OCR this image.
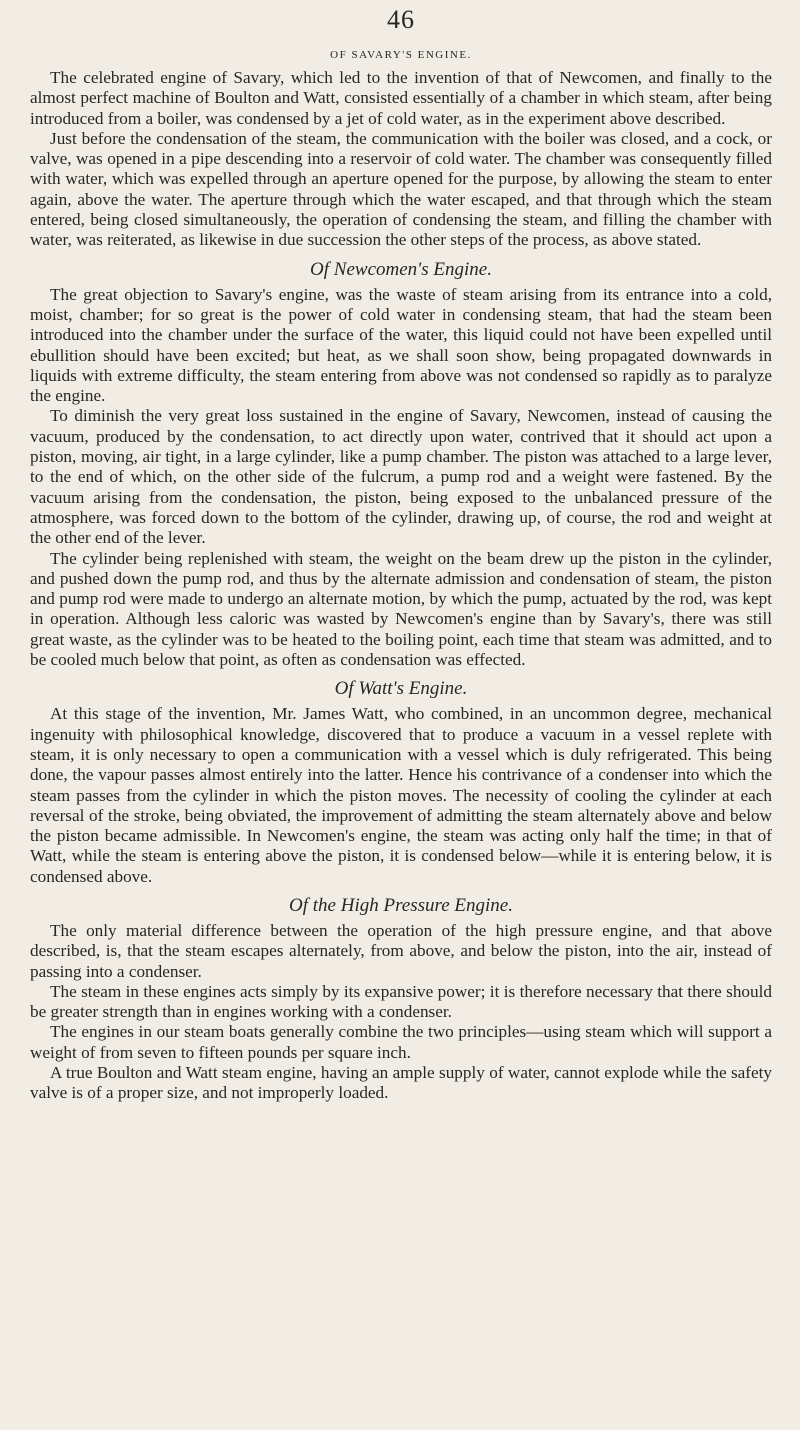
46
OF SAVARY'S ENGINE.

The celebrated engine of Savary, which led to the invention of that of Newcomen, and finally to the almost perfect machine of Boulton and Watt, consisted essentially of a chamber in which steam, after being introduced from a boiler, was condensed by a jet of cold water, as in the experiment above described.

Just before the condensation of the steam, the communication with the boiler was closed, and a cock, or valve, was opened in a pipe descending into a reservoir of cold water. The chamber was consequently filled with water, which was expelled through an aperture opened for the purpose, by allowing the steam to enter again, above the water. The aperture through which the water escaped, and that through which the steam entered, being closed simultaneously, the operation of condensing the steam, and filling the chamber with water, was reiterated, as likewise in due succession the other steps of the process, as above stated.

Of Newcomen's Engine.

The great objection to Savary's engine, was the waste of steam arising from its entrance into a cold, moist, chamber; for so great is the power of cold water in condensing steam, that had the steam been introduced into the chamber under the surface of the water, this liquid could not have been expelled until ebullition should have been excited; but heat, as we shall soon show, being propagated downwards in liquids with extreme difficulty, the steam entering from above was not condensed so rapidly as to paralyze the engine.

To diminish the very great loss sustained in the engine of Savary, Newcomen, instead of causing the vacuum, produced by the condensation, to act directly upon water, contrived that it should act upon a piston, moving, air tight, in a large cylinder, like a pump chamber. The piston was attached to a large lever, to the end of which, on the other side of the fulcrum, a pump rod and a weight were fastened. By the vacuum arising from the condensation, the piston, being exposed to the unbalanced pressure of the atmosphere, was forced down to the bottom of the cylinder, drawing up, of course, the rod and weight at the other end of the lever.

The cylinder being replenished with steam, the weight on the beam drew up the piston in the cylinder, and pushed down the pump rod, and thus by the alternate admission and condensation of steam, the piston and pump rod were made to undergo an alternate motion, by which the pump, actuated by the rod, was kept in operation. Although less caloric was wasted by Newcomen's engine than by Savary's, there was still great waste, as the cylinder was to be heated to the boiling point, each time that steam was admitted, and to be cooled much below that point, as often as condensation was effected.

Of Watt's Engine.

At this stage of the invention, Mr. James Watt, who combined, in an uncommon degree, mechanical ingenuity with philosophical knowledge, discovered that to produce a vacuum in a vessel replete with steam, it is only necessary to open a communication with a vessel which is duly refrigerated. This being done, the vapour passes almost entirely into the latter. Hence his contrivance of a condenser into which the steam passes from the cylinder in which the piston moves. The necessity of cooling the cylinder at each reversal of the stroke, being obviated, the improvement of admitting the steam alternately above and below the piston became admissible. In Newcomen's engine, the steam was acting only half the time; in that of Watt, while the steam is entering above the piston, it is condensed below—while it is entering below, it is condensed above.

Of the High Pressure Engine.

The only material difference between the operation of the high pressure engine, and that above described, is, that the steam escapes alternately, from above, and below the piston, into the air, instead of passing into a condenser.

The steam in these engines acts simply by its expansive power; it is therefore necessary that there should be greater strength than in engines working with a condenser.

The engines in our steam boats generally combine the two principles—using steam which will support a weight of from seven to fifteen pounds per square inch.

A true Boulton and Watt steam engine, having an ample supply of water, cannot explode while the safety valve is of a proper size, and not improperly loaded.
